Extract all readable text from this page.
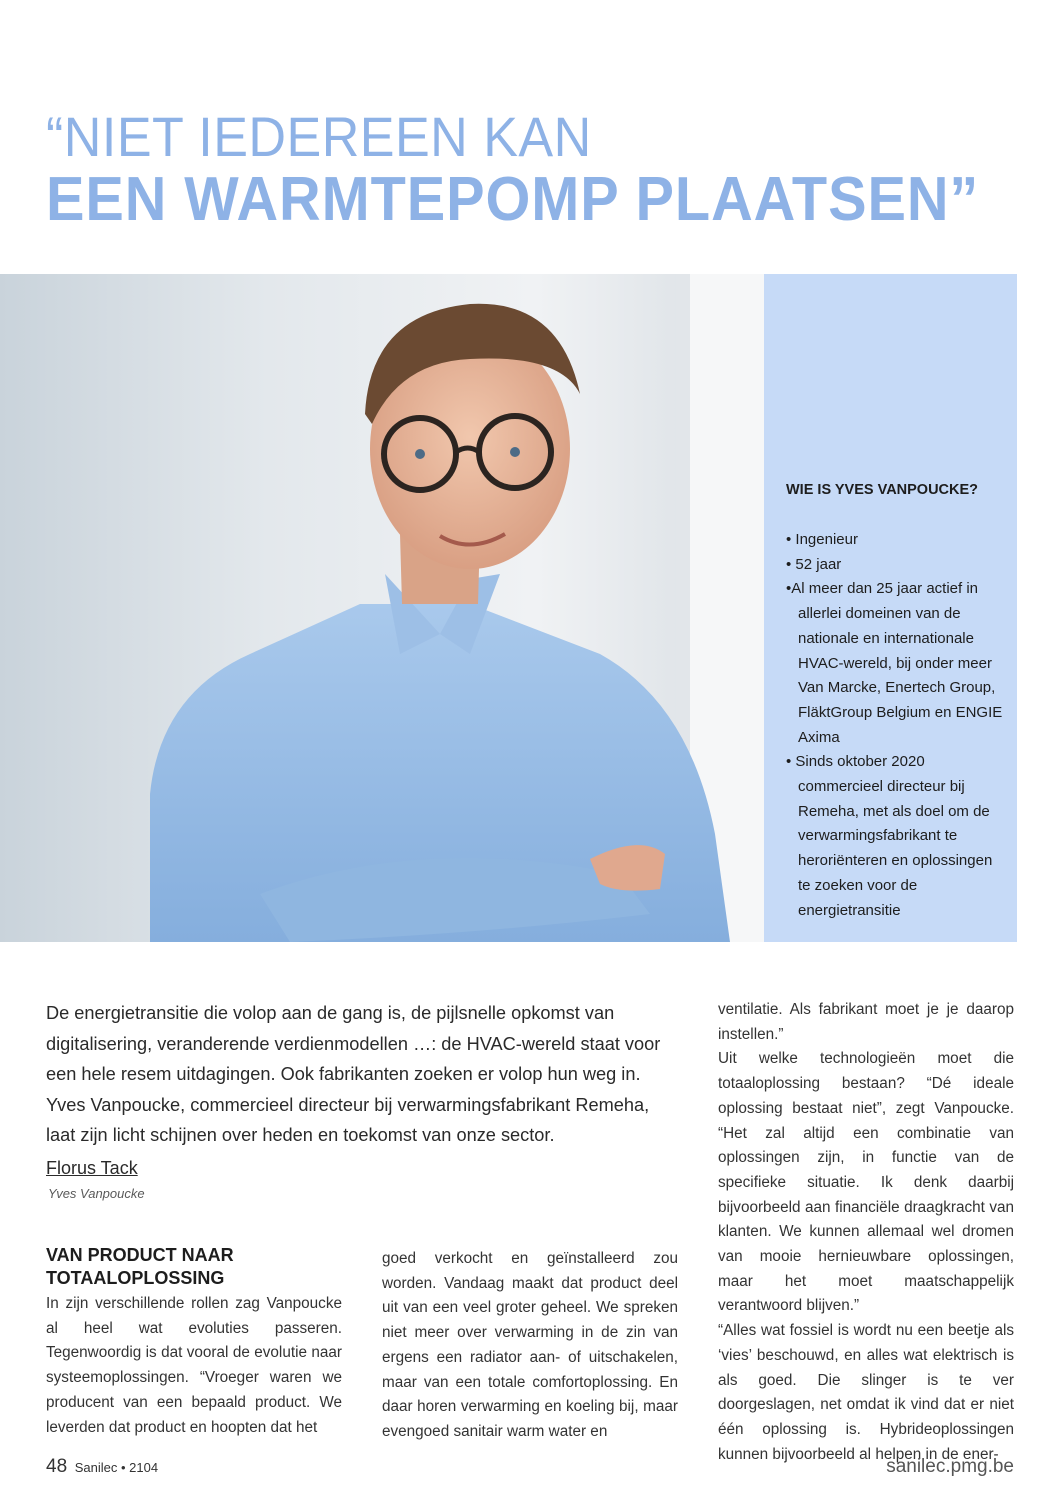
“NIET IEDEREEN KAN
EEN WARMTEPOMP PLAATSEN”
Yves Vanpoucke
WIE IS YVES VANPOUCKE?
• Ingenieur
• 52 jaar
•Al meer dan 25 jaar actief in allerlei domeinen van de nationale en internationale HVAC-wereld, bij onder meer Van Marcke, Enertech Group, FläktGroup Belgium en ENGIE Axima
• Sinds oktober 2020 commercieel directeur bij Remeha, met als doel om de verwarmingsfabrikant te heroriënteren en oplossingen te zoeken voor de energietransitie

De energietransitie die volop aan de gang is, de pijlsnelle opkomst van digitalisering, veranderende verdienmodellen …: de HVAC-wereld staat voor een hele resem uitdagingen. Ook fabrikanten zoeken er volop hun weg in. Yves Vanpoucke, commercieel directeur bij verwarmingsfabrikant Remeha, laat zijn licht schijnen over heden en toekomst van onze sector.

Florus Tack
VAN PRODUCT NAAR TOTAALOPLOSSING

In zijn verschillende rollen zag Vanpoucke al heel wat evoluties passeren. Tegenwoordig is dat vooral de evolutie naar systeemoplossingen. “Vroeger waren we producent van een bepaald product. We leverden dat product en hoopten dat het

goed verkocht en geïnstalleerd zou worden. Vandaag maakt dat product deel uit van een veel groter geheel. We spreken niet meer over verwarming in de zin van ergens een radiator aan- of uitschakelen, maar van een totale comfortoplossing. En daar horen verwarming en koeling bij, maar evengoed sanitair warm water en

ventilatie. Als fabrikant moet je je daarop instellen.”

Uit welke technologieën moet die totaaloplossing bestaan? “Dé ideale oplossing bestaat niet”, zegt Vanpoucke. “Het zal altijd een combinatie van oplossingen zijn, in functie van de specifieke situatie. Ik denk daarbij bijvoorbeeld aan financiële draagkracht van klanten. We kunnen allemaal wel dromen van mooie hernieuwbare oplossingen, maar het moet maatschappelijk verantwoord blijven.”

“Alles wat fossiel is wordt nu een beetje als ‘vies’ beschouwd, en alles wat elektrisch is als goed. Die slinger is te ver doorgeslagen, net omdat ik vind dat er niet één oplossing is. Hybrideoplossingen kunnen bijvoorbeeld al helpen in de ener-

48 Sanilec • 2104	sanilec.pmg.be
